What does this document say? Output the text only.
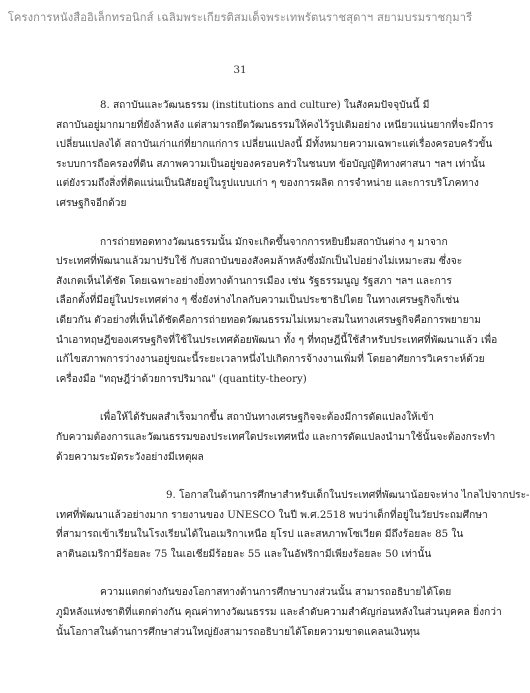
โครงการหนังสืออิเล็กทรอนิกส์ เฉลิมพระเกียรติสมเด็จพระเทพรัตนราชสุดาฯ สยามบรมราชกุมารี
31
8. สถาบันและวัฒนธรรม (institutions and culture) ในสังคมปัจจุบันนี้ มี
สถาบันอยู่มากมายที่ยังล้าหลัง แต่สามารถยึดวัฒนธรรมให้คงไว้รูปเดิมอย่าง เหนียวแน่นยากที่จะมีการ
เปลี่ยนแปลงได้ สถาบันเก่าแก่ที่ยากแก่การ เปลี่ยนแปลงนี้ มีทั้งหมายความเฉพาะแต่เรื่องครอบครัวขั้น
ระบบการถือครองที่ดิน สภาพความเป็นอยู่ของครอบครัวในชนบท ข้อบัญญัติทางศาสนา ฯลฯ เท่านั้น
แต่ยังรวมถึงสิ่งที่ติดแน่นเป็นนิสัยอยู่ในรูปแบบเก่า ๆ ของการผลิต การจำหน่าย และการบริโภคทาง
เศรษฐกิจอีกด้วย
การถ่ายทอดทางวัฒนธรรมนั้น มักจะเกิดขึ้นจากการหยิบยืมสถาบันต่าง ๆ มาจาก
ประเทศที่พัฒนาแล้วมาปรับใช้ กับสถาบันของสังคมล้าหลังซึ่งมักเป็นไปอย่างไม่เหมาะสม ซึ่งจะ
สังเกตเห็นได้ชัด โดยเฉพาะอย่างยิ่งทางด้านการเมือง เช่น รัฐธรรมนูญ รัฐสภา ฯลฯ และการ
เลือกตั้งที่มีอยู่ในประเทศต่าง ๆ ซึ่งยังห่างไกลกับความเป็นประชาธิปไตย ในทางเศรษฐกิจก็เช่น
เดียวกัน ตัวอย่างที่เห็นได้ชัดคือการถ่ายทอดวัฒนธรรมไม่เหมาะสมในทางเศรษฐกิจคือการพยายาม
นำเอาทฤษฎีของเศรษฐกิจที่ใช้ในประเทศด้อยพัฒนา ทั้ง ๆ ที่ทฤษฎีนี้ใช้สำหรับประเทศที่พัฒนาแล้ว เพื่อ
แก้ไขสภาพการว่างงานอยู่ขณะนี้ระยะเวลาหนึ่งไปเกิดการจ้างงานเพิ่มที่ โดยอาศัยการวิเคราะห์ด้วย
เครื่องมือ "ทฤษฎีว่าด้วยการปริมาณ" (quantity-theory)
เพื่อให้ได้รับผลสำเร็จมากขึ้น สถาบันทางเศรษฐกิจจะต้องมีการดัดแปลงให้เข้า
กับความต้องการและวัฒนธรรมของประเทศใดประเทศหนึ่ง และการดัดแปลงนำมาใช้นั้นจะต้องกระทำ
ด้วยความระมัดระวังอย่างมีเหตุผล
9. โอกาสในด้านการศึกษาสำหรับเด็กในประเทศที่พัฒนาน้อยจะห่าง ไกลไปจากประ-
เทศที่พัฒนาแล้วอย่างมาก รายงานของ UNESCO ในปี พ.ศ.2518 พบว่าเด็กที่อยู่ในวัยประถมศึกษา
ที่สามารถเข้าเรียนในโรงเรียนได้ในอเมริกาเหนือ ยุโรป และสหภาพโซเวียต มีถึงร้อยละ 85 ใน
ลาตินอเมริกามีร้อยละ 75 ในเอเชียมีร้อยละ 55 และในอัฟริกามีเพียงร้อยละ 50 เท่านั้น
ความแตกต่างกันของโอกาสทางด้านการศึกษาบางส่วนนั้น สามารถอธิบายได้โดย
ภูมิหลังแห่งชาติที่แตกต่างกัน คุณค่าทางวัฒนธรรม และลำดับความสำคัญก่อนหลังในส่วนบุคคล ยิ่งกว่า
นั้นโอกาสในด้านการศึกษาส่วนใหญ่ยังสามารถอธิบายได้โดยความขาดแคลนเงินทุน
